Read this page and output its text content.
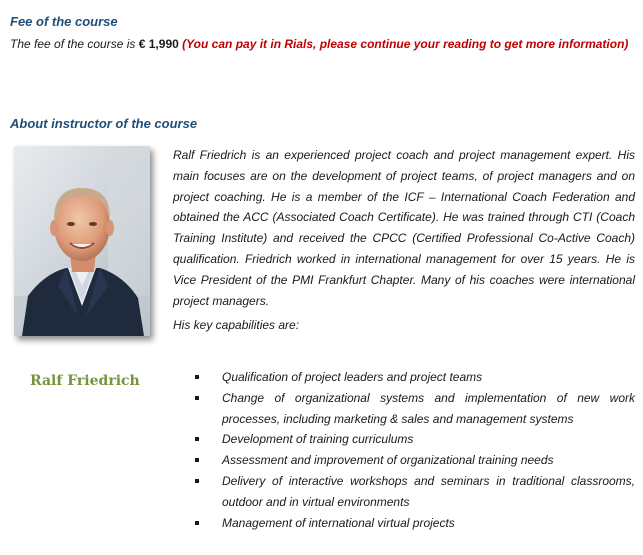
Fee of the course

The fee of the course is € 1,990 (You can pay it in Rials, please continue your reading to get more information)

About instructor of the course

Ralf Friedrich

Ralf Friedrich is an experienced project coach and project management expert. His main focuses are on the development of project teams, of project managers and on project coaching. He is a member of the ICF – International Coach Federation and obtained the ACC (Associated Coach Certificate). He was trained through CTI (Coach Training Institute) and received the CPCC (Certified Professional Co-Active Coach) qualification. Friedrich worked in international management for over 15 years. He is Vice President of the PMI Frankfurt Chapter. Many of his coaches were international project managers.

His key capabilities are:

Qualification of project leaders and project teams
Change of organizational systems and implementation of new work processes, including marketing & sales and management systems
Development of training curriculums
Assessment and improvement of organizational training needs
Delivery of interactive workshops and seminars in traditional classrooms, outdoor and in virtual environments
Management of international virtual projects
